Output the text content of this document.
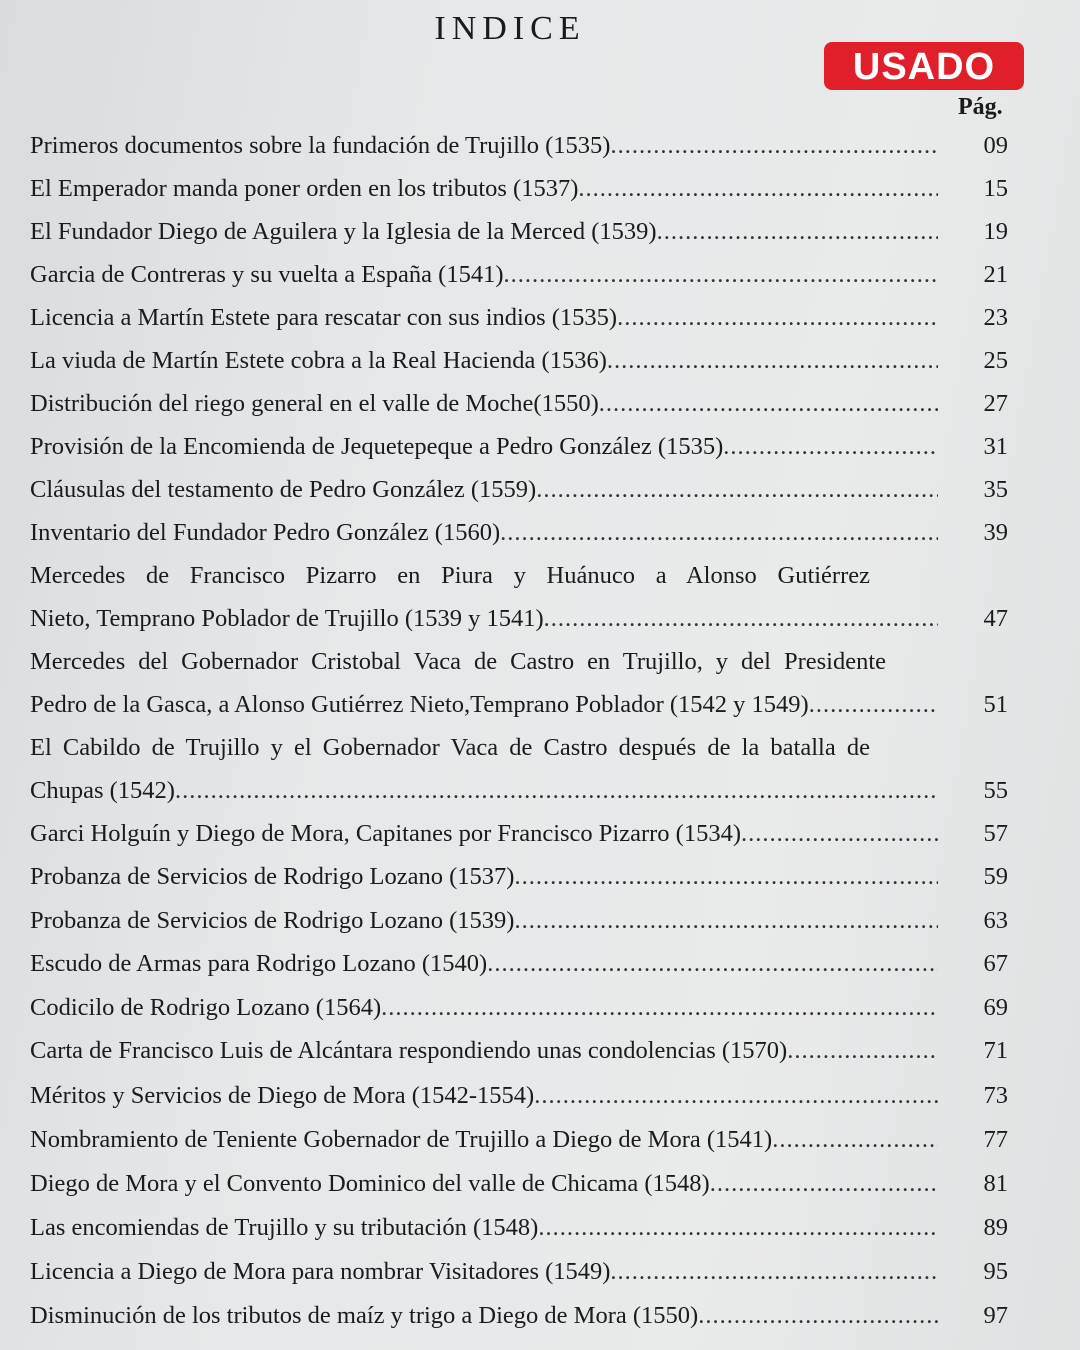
INDICE
USADO
Pág.
Primeros documentos sobre la fundación de Trujillo (1535) .....	09
El Emperador manda poner orden en los tributos (1537) .....	15
El Fundador Diego de Aguilera y la Iglesia de la Merced (1539) .....	19
Garcia de Contreras y su vuelta a España (1541) .....	21
Licencia a Martín Estete para rescatar con sus indios (1535) .....	23
La viuda de Martín Estete cobra a la Real Hacienda (1536) .....	25
Distribución del riego general en el valle de Moche(1550) .....	27
Provisión de la Encomienda de Jequetepeque a Pedro González (1535) .....	31
Cláusulas del testamento de Pedro González (1559) .....	35
Inventario del Fundador Pedro González (1560) .....	39
Mercedes de Francisco Pizarro en Piura y Huánuco a Alonso Gutiérrez
Nieto, Temprano Poblador de Trujillo (1539 y 1541) .....	47
Mercedes del Gobernador Cristobal Vaca de Castro en Trujillo, y del Presidente
Pedro de la Gasca, a Alonso Gutiérrez Nieto,Temprano Poblador (1542 y 1549) .....	51
El Cabildo de Trujillo y el Gobernador Vaca de Castro después de la batalla de
Chupas (1542) .....	55
Garci Holguín y Diego de Mora, Capitanes por Francisco Pizarro (1534) .....	57
Probanza de Servicios de Rodrigo Lozano (1537) .....	59
Probanza de Servicios de Rodrigo Lozano (1539) .....	63
Escudo de Armas para Rodrigo Lozano (1540) .....	67
Codicilo de Rodrigo Lozano (1564) .....	69
Carta de Francisco Luis de Alcántara respondiendo unas condolencias (1570) .....	71
Méritos y Servicios de Diego de Mora (1542-1554) .....	73
Nombramiento de Teniente Gobernador de Trujillo a Diego de Mora (1541) .....	77
Diego de Mora y el Convento Dominico del valle de Chicama (1548) .....	81
Las encomiendas de Trujillo y su tributación (1548) .....	89
Licencia a Diego de Mora para nombrar Visitadores (1549) .....	95
Disminución de los tributos de maíz y trigo a Diego de Mora (1550) .....	97
